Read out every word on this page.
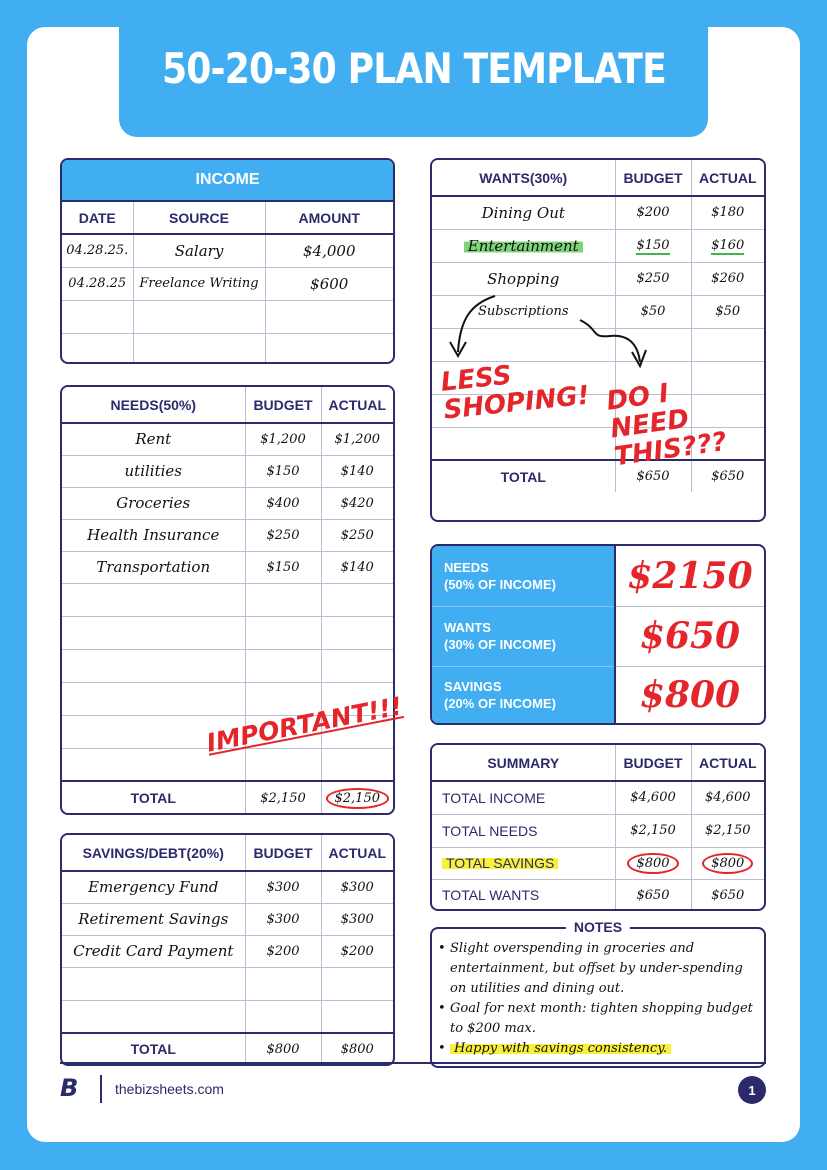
50-20-30 PLAN TEMPLATE
INCOME
DATE	SOURCE	AMOUNT
04.28.25.	Salary	$4,000
04.28.25	Freelance Writing	$600

NEEDS(50%)	BUDGET	ACTUAL
Rent	$1,200	$1,200
utilities	$150	$140
Groceries	$400	$420
Health Insurance	$250	$250
Transportation	$150	$140

TOTAL	$2,150	$2,150
IMPORTANT!!!
SAVINGS/DEBT(20%)	BUDGET	ACTUAL
Emergency Fund	$300	$300
Retirement Savings	$300	$300
Credit Card Payment	$200	$200

TOTAL	$800	$800
WANTS(30%)	BUDGET	ACTUAL
Dining Out	$200	$180
Entertainment	$150	$160
Shopping	$250	$260
Subscriptions	$50	$50

TOTAL	$650	$650
LESS SHOPING! DO I NEED THIS???
NEEDS
(50% OF INCOME)	$2150

WANTS
(30% OF INCOME)	$650

SAVINGS
(20% OF INCOME)	$800
SUMMARY	BUDGET	ACTUAL
TOTAL INCOME	$4,600	$4,600
TOTAL NEEDS	$2,150	$2,150
TOTAL SAVINGS	$800	$800
TOTAL WANTS	$650	$650
NOTES
• Slight overspending in groceries and entertainment, but offset by under-spending on utilities and dining out.
• Goal for next month: tighten shopping budget to $200 max.
• Happy with savings consistency.
B	thebizsheets.com	1
